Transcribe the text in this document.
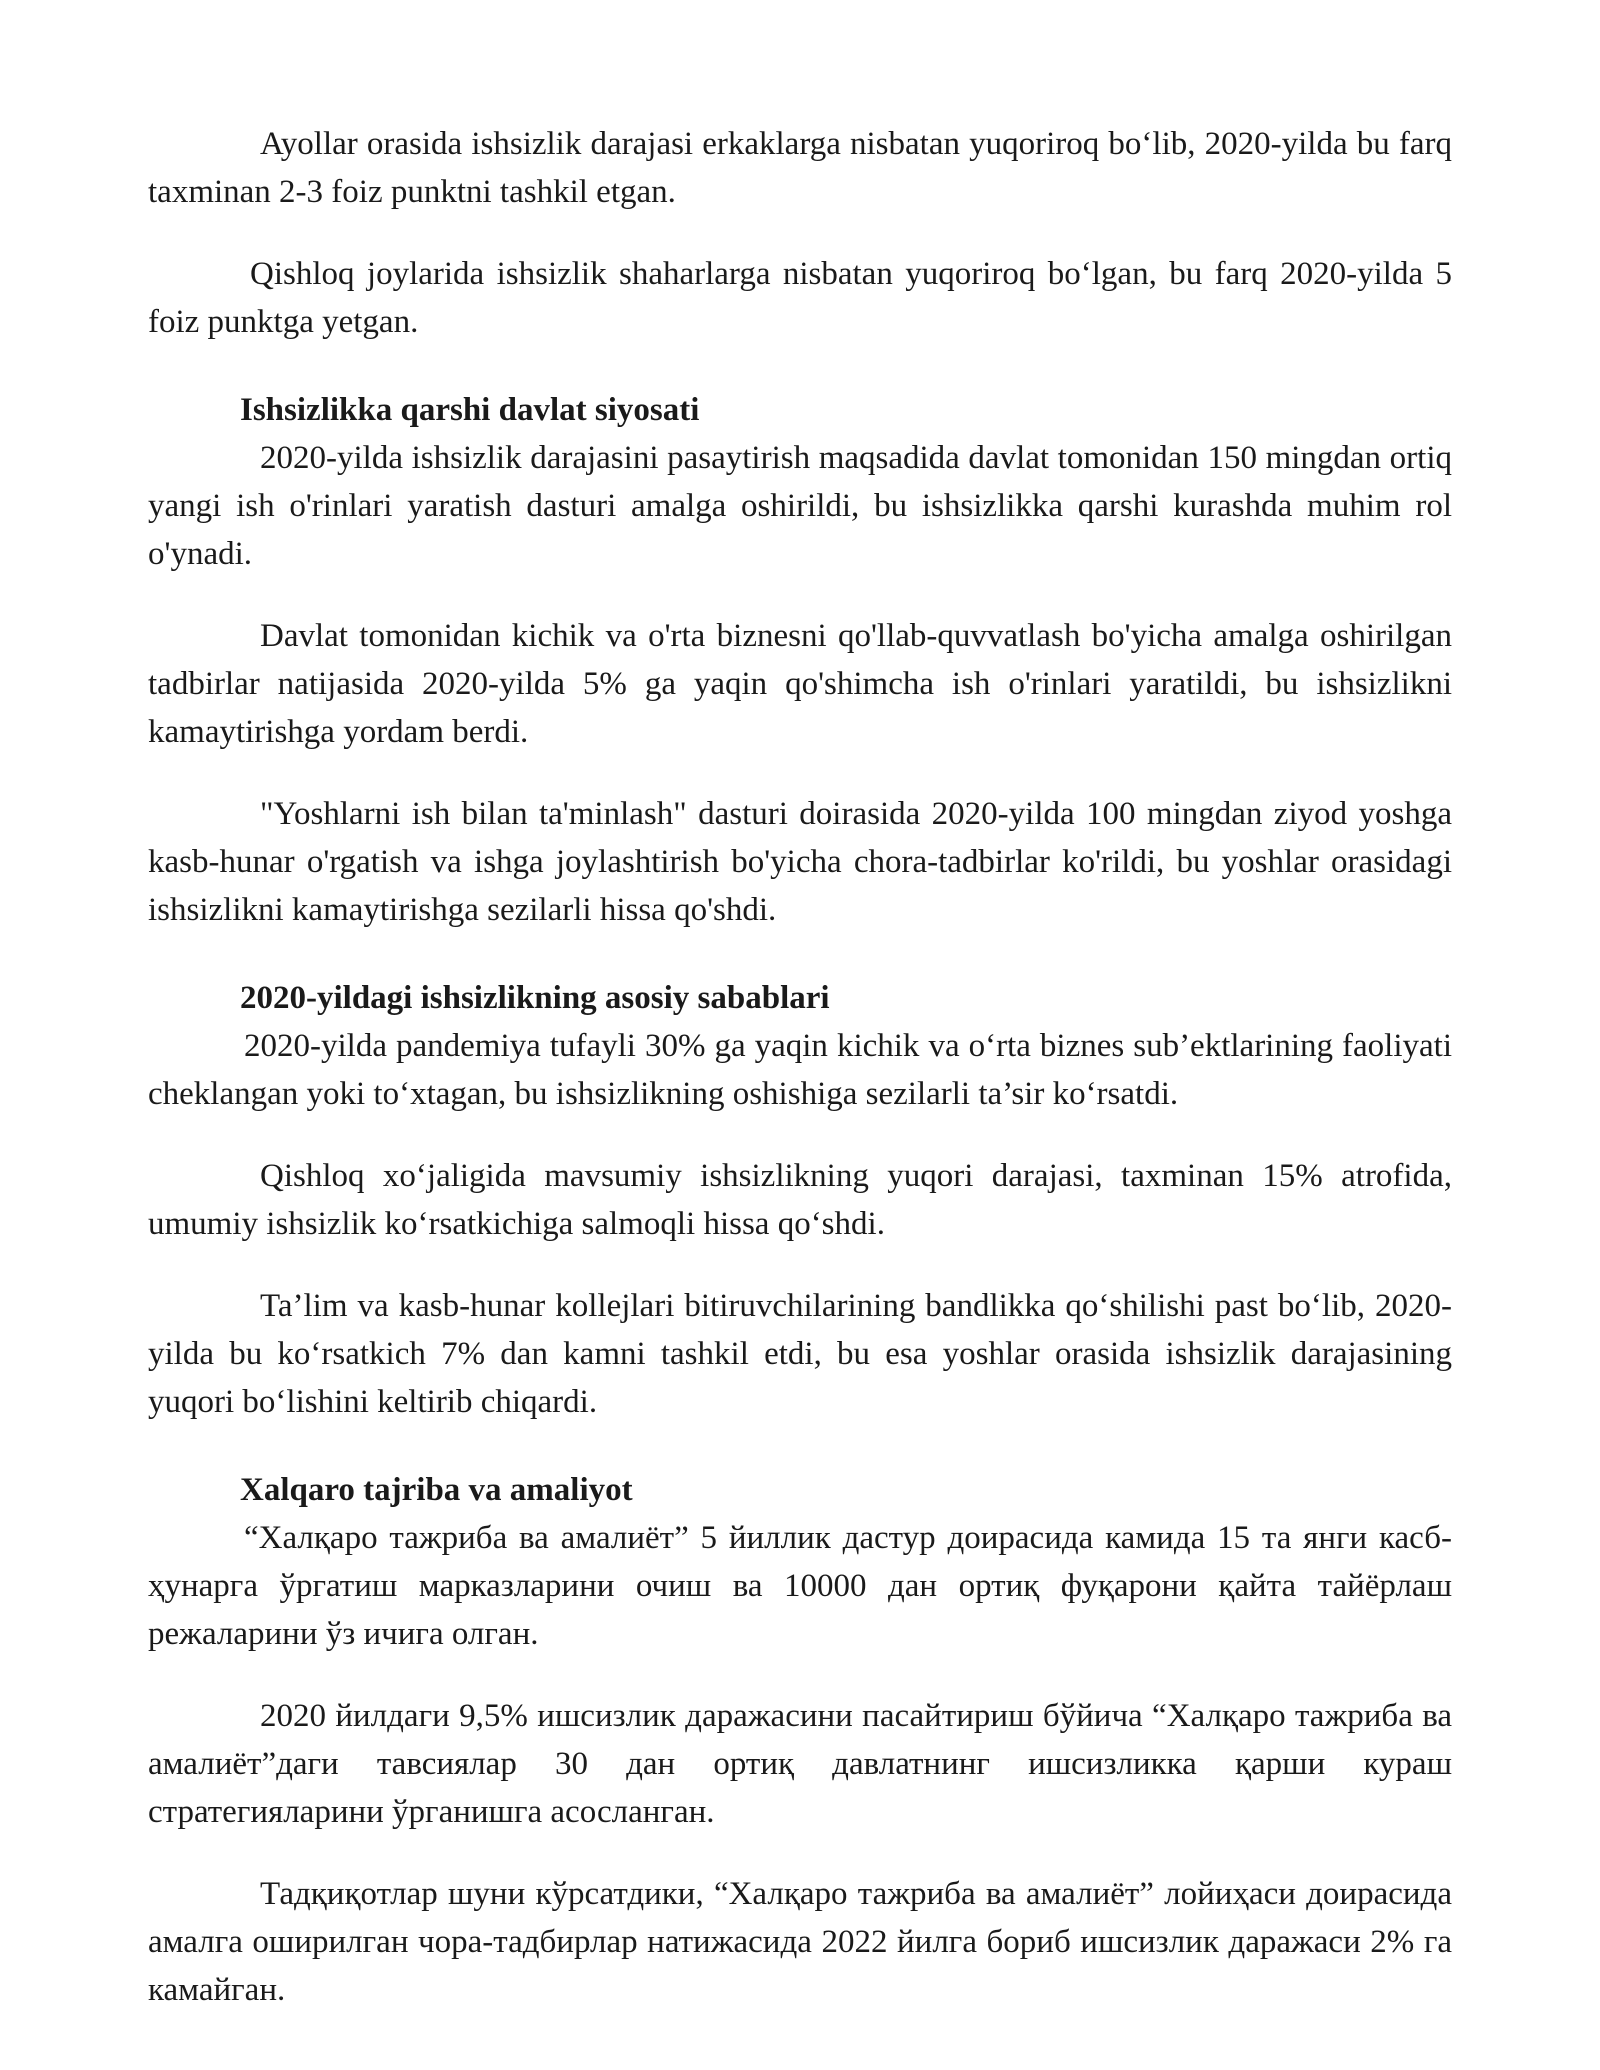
Ayollar orasida ishsizlik darajasi erkaklarga nisbatan yuqoriroq bo‘lib, 2020-yilda bu farq taxminan 2-3 foiz punktni tashkil etgan.

Qishloq joylarida ishsizlik shaharlarga nisbatan yuqoriroq bo‘lgan, bu farq 2020-yilda 5 foiz punktga yetgan.

Ishsizlikka qarshi davlat siyosati

2020-yilda ishsizlik darajasini pasaytirish maqsadida davlat tomonidan 150 mingdan ortiq yangi ish o'rinlari yaratish dasturi amalga oshirildi, bu ishsizlikka qarshi kurashda muhim rol o'ynadi.

Davlat tomonidan kichik va o'rta biznesni qo'llab-quvvatlash bo'yicha amalga oshirilgan tadbirlar natijasida 2020-yilda 5% ga yaqin qo'shimcha ish o'rinlari yaratildi, bu ishsizlikni kamaytirishga yordam berdi.

"Yoshlarni ish bilan ta'minlash" dasturi doirasida 2020-yilda 100 mingdan ziyod yoshga kasb-hunar o'rgatish va ishga joylashtirish bo'yicha chora-tadbirlar ko'rildi, bu yoshlar orasidagi ishsizlikni kamaytirishga sezilarli hissa qo'shdi.

2020-yildagi ishsizlikning asosiy sabablari

2020-yilda pandemiya tufayli 30% ga yaqin kichik va o‘rta biznes sub’ektlarining faoliyati cheklangan yoki to‘xtagan, bu ishsizlikning oshishiga sezilarli ta’sir ko‘rsatdi.

Qishloq xo‘jaligida mavsumiy ishsizlikning yuqori darajasi, taxminan 15% atrofida, umumiy ishsizlik ko‘rsatkichiga salmoqli hissa qo‘shdi.

Ta’lim va kasb-hunar kollejlari bitiruvchilarining bandlikka qo‘shilishi past bo‘lib, 2020-yilda bu ko‘rsatkich 7% dan kamni tashkil etdi, bu esa yoshlar orasida ishsizlik darajasining yuqori bo‘lishini keltirib chiqardi.

Xalqaro tajriba va amaliyot

“Халқаро тажриба ва амалиёт” 5 йиллик дастур доирасида камида 15 та янги касб-ҳунарга ўргатиш марказларини очиш ва 10000 дан ортиқ фуқарони қайта тайёрлаш режаларини ўз ичига олган.

2020 йилдаги 9,5% ишсизлик даражасини пасайтириш бўйича “Халқаро тажриба ва амалиёт”даги тавсиялар 30 дан ортиқ давлатнинг ишсизликка қарши кураш стратегияларини ўрганишга асосланган.

Тадқиқотлар шуни кўрсатдики, “Халқаро тажриба ва амалиёт” лойиҳаси доирасида амалга оширилган чора-тадбирлар натижасида 2022 йилга бориб ишсизлик даражаси 2% га камайган.
